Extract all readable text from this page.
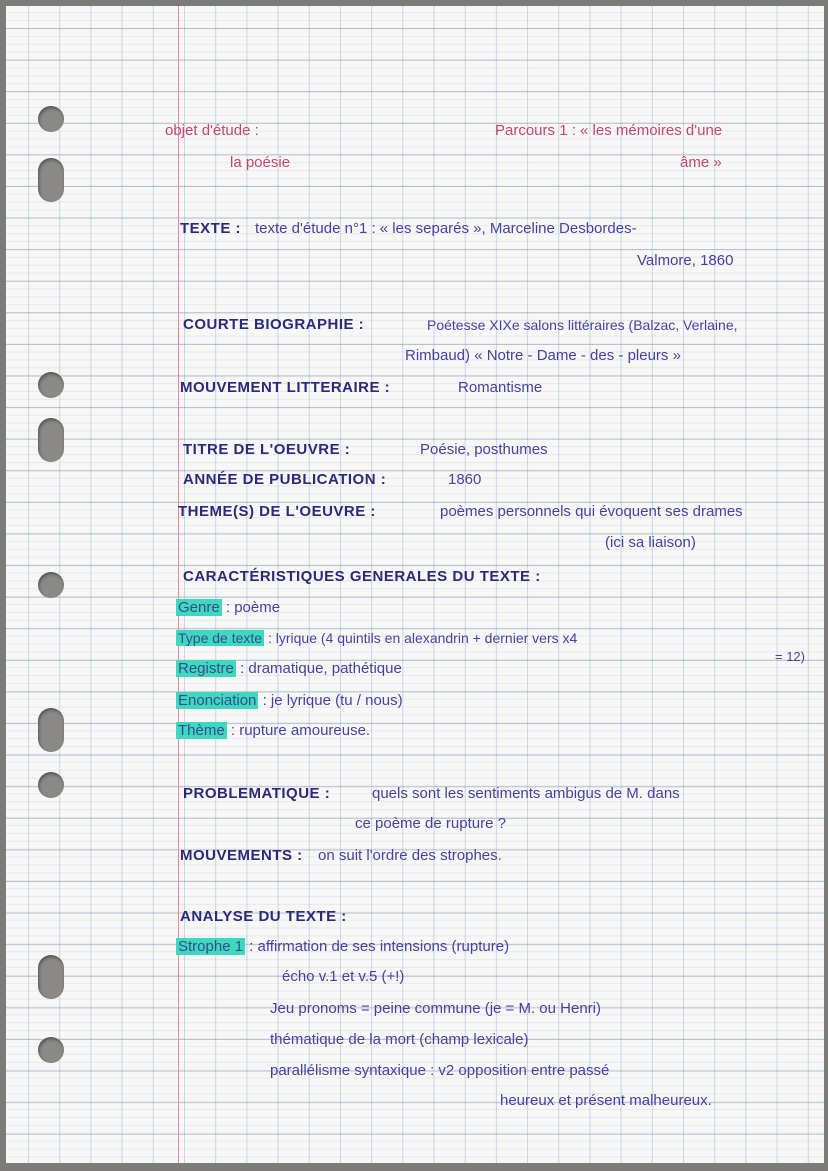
objet d'étude :
la poésie
Parcours 1 : « les mémoires d'une
âme »
TEXTE : texte d'étude n°1 : « les separés », Marceline Desbordes-
Valmore, 1860
COURTE BIOGRAPHIE :	Poétesse XIXe salons littéraires (Balzac, Verlaine,
Rimbaud) « Notre - Dame - des - pleurs »
MOUVEMENT LITTERAIRE :	Romantisme
TITRE DE L'OEUVRE :	Poésie, posthumes
ANNÉE DE PUBLICATION :	1860
THEME(S) DE L'OEUVRE :	poèmes personnels qui évoquent ses drames
(ici sa liaison)
CARACTÉRISTIQUES GENERALES DU TEXTE :
Genre : poème
Type de texte : lyrique (4 quintils en alexandrin + dernier vers x4
= 12)
Registre : dramatique, pathétique
Enonciation : je lyrique (tu / nous)
Thème : rupture amoureuse.
PROBLEMATIQUE :	quels sont les sentiments ambigus de M. dans
ce poème de rupture ?
MOUVEMENTS : on suit l'ordre des strophes.
ANALYSE DU TEXTE :
Strophe 1 : affirmation de ses intensions (rupture)
écho v.1 et v.5 (+!)
Jeu pronoms = peine commune (je = M. ou Henri)
thématique de la mort (champ lexicale)
parallélisme syntaxique : v2 opposition entre passé
heureux et présent malheureux.
